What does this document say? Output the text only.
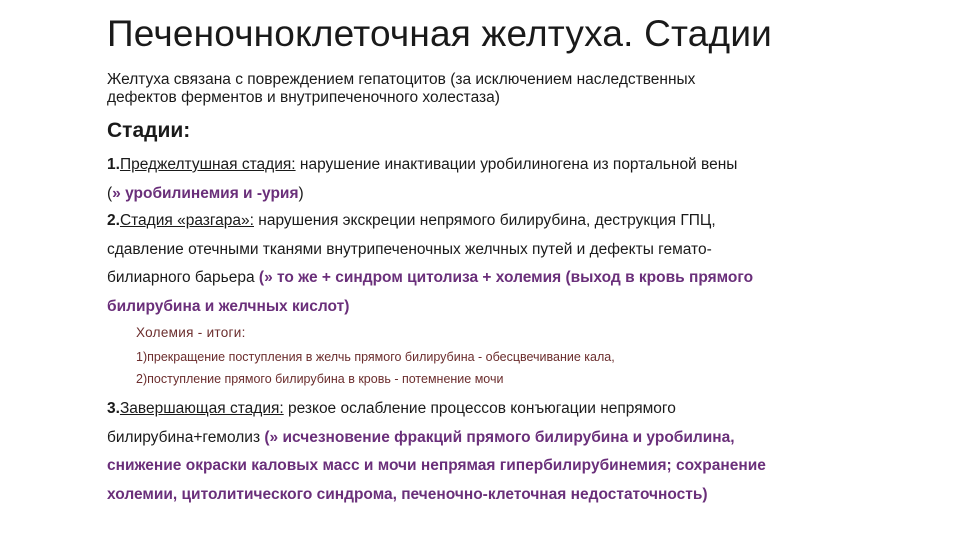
Печеночноклеточная желтуха. Стадии
Желтуха связана с повреждением гепатоцитов (за исключением наследственных
дефектов ферментов и внутрипеченочного холестаза)
Стадии:
1.Преджелтушная стадия: нарушение инактивации уробилиногена из портальной вены
(» уробилинемия и -урия)
2.Стадия «разгара»: нарушения экскреции непрямого билирубина, деструкция ГПЦ,
сдавление отечными тканями внутрипеченочных желчных путей и дефекты гемато-
билиарного барьера (» то же + синдром цитолиза + холемия (выход в кровь прямого
билирубина и желчных кислот)
Холемия - итоги:
1)прекращение поступления в желчь прямого билирубина - обесцвечивание кала,
2)поступление прямого билирубина в кровь - потемнение мочи
3.Завершающая стадия: резкое ослабление процессов конъюгации непрямого
билирубина+гемолиз (» исчезновение фракций прямого билирубина и уробилина,
снижение окраски каловых масс и мочи непрямая гипербилирубинемия; сохранение
холемии, цитолитического синдрома, печеночно-клеточная недостаточность)
